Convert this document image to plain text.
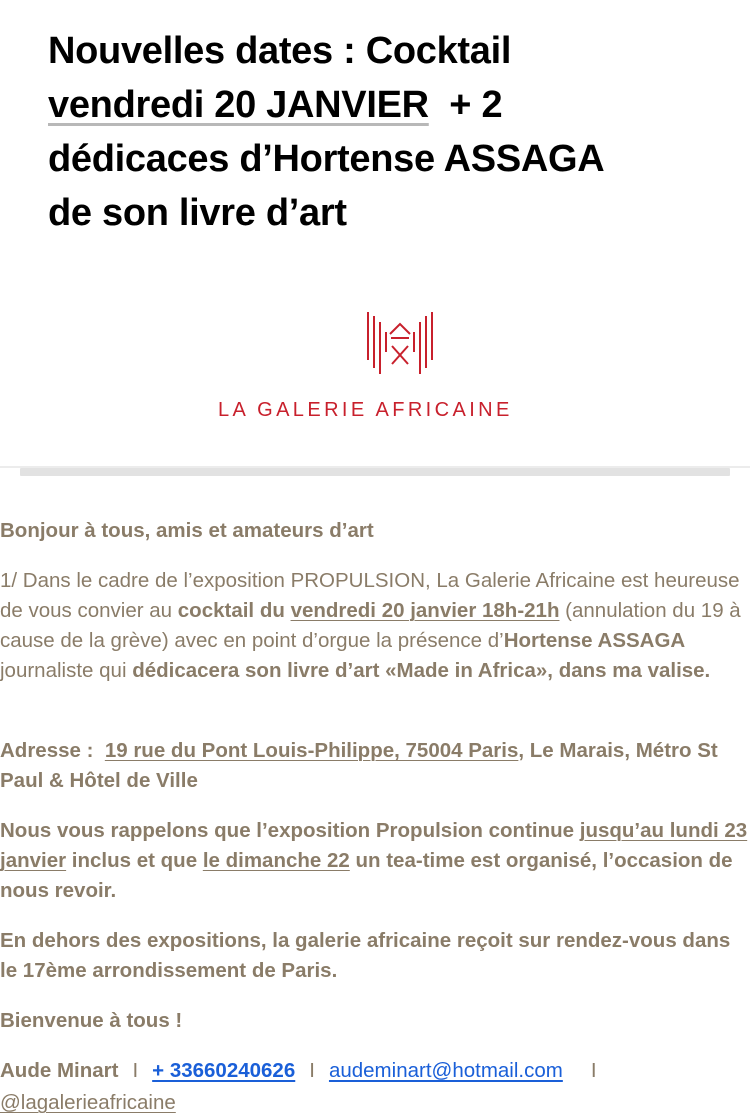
Nouvelles dates : Cocktail
vendredi 20 JANVIER  + 2
dédicaces d’Hortense ASSAGA
de son livre d’art
LA GALERIE AFRICAINE

Bonjour à tous, amis et amateurs d’art

1/ Dans le cadre de l’exposition PROPULSION, La Galerie Africaine est heureuse de vous convier au cocktail du vendredi 20 janvier 18h-21h (annulation du 19 à cause de la grève) avec en point d’orgue la présence d’Hortense ASSAGA journaliste qui dédicacera son livre d’art «Made in Africa», dans ma valise.

Adresse :  19 rue du Pont Louis-Philippe, 75004 Paris, Le Marais, Métro St Paul & Hôtel de Ville

Nous vous rappelons que l’exposition Propulsion continue jusqu’au lundi 23 janvier inclus et que le dimanche 22 un tea-time est organisé, l’occasion de nous revoir.

En dehors des expositions, la galerie africaine reçoit sur rendez-vous dans le 17ème arrondissement de Paris.

Bienvenue à tous !

Aude Minart I + 33660240626 I audeminart@hotmail.com I

@lagaleriea​fricaine
